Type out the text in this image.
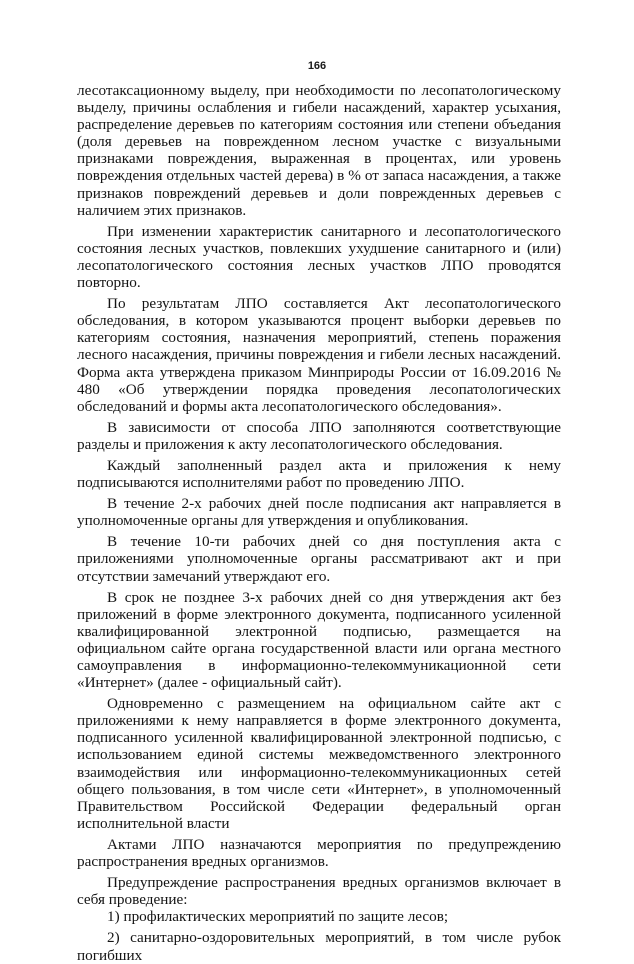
166

лесотаксационному выделу, при необходимости по лесопатологическому выделу, причины ослабления и гибели насаждений, характер усыхания, распределение деревьев по категориям состояния или степени объедания (доля деревьев на поврежденном лесном участке с визуальными признаками повреждения, выраженная в процентах, или уровень повреждения отдельных частей дерева) в % от запаса насаждения, а также признаков повреждений деревьев и доли поврежденных деревьев с наличием этих признаков.

При изменении характеристик санитарного и лесопатологического состояния лесных участков, повлекших ухудшение санитарного и (или) лесопатологического состояния лесных участков ЛПО проводятся повторно.

По результатам ЛПО составляется Акт лесопатологического обследования, в котором указываются процент выборки деревьев по категориям состояния, назначения мероприятий, степень поражения лесного насаждения, причины повреждения и гибели лесных насаждений. Форма акта утверждена приказом Минприроды России от 16.09.2016 № 480 «Об утверждении порядка проведения лесопатологических обследований и формы акта лесопатологического обследования».

В зависимости от способа ЛПО заполняются соответствующие разделы и приложения к акту лесопатологического обследования.

Каждый заполненный раздел акта и приложения к нему подписываются исполнителями работ по проведению ЛПО.

В течение 2-х рабочих дней после подписания акт направляется в уполномоченные органы для утверждения и опубликования.

В течение 10-ти рабочих дней со дня поступления акта с приложениями уполномоченные органы рассматривают акт и при отсутствии замечаний утверждают его.

В срок не позднее 3-х рабочих дней со дня утверждения акт без приложений в форме электронного документа, подписанного усиленной квалифицированной электронной подписью, размещается на официальном сайте органа государственной власти или органа местного самоуправления в информационно-телекоммуникационной сети «Интернет» (далее - официальный сайт).

Одновременно с размещением на официальном сайте акт с приложениями к нему направляется в форме электронного документа, подписанного усиленной квалифицированной электронной подписью, с использованием единой системы межведомственного электронного взаимодействия или информационно-телекоммуникационных сетей общего пользования, в том числе сети «Интернет», в уполномоченный Правительством Российской Федерации федеральный орган исполнительной власти

Актами ЛПО назначаются мероприятия по предупреждению распространения вредных организмов.

Предупреждение распространения вредных организмов включает в себя проведение:

1) профилактических мероприятий по защите лесов;

2) санитарно-оздоровительных мероприятий, в том числе рубок погибших
